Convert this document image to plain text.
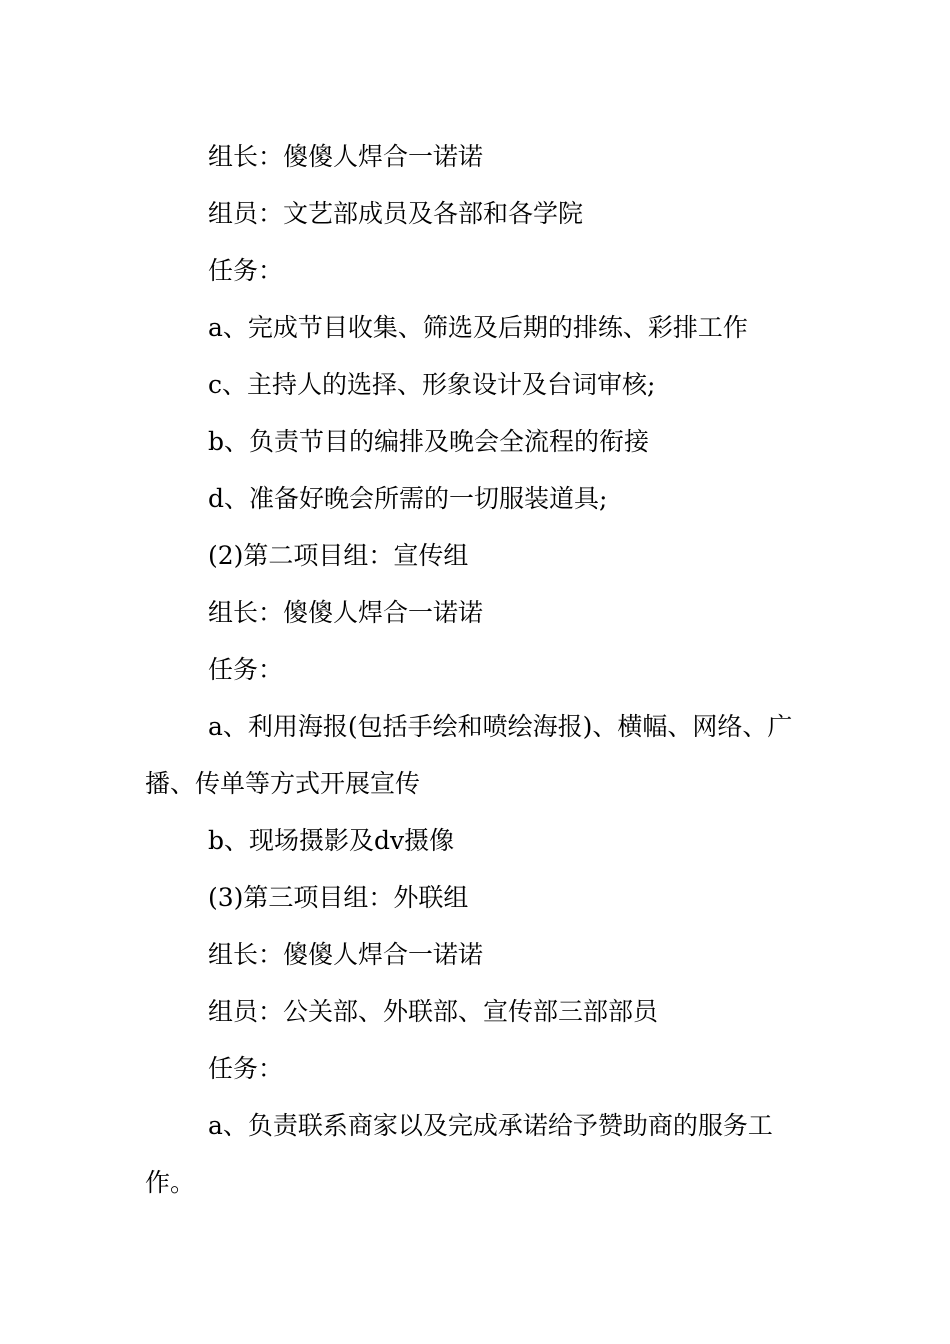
组长：傻傻人焊合一诺诺

组员：文艺部成员及各部和各学院

任务：

a、完成节目收集、筛选及后期的排练、彩排工作

c、主持人的选择、形象设计及台词审核;

b、负责节目的编排及晚会全流程的衔接

d、准备好晚会所需的一切服装道具;

(2)第二项目组：宣传组

组长：傻傻人焊合一诺诺

任务：

a、利用海报(包括手绘和喷绘海报)、横幅、网络、广播、传单等方式开展宣传

b、现场摄影及dv摄像

(3)第三项目组：外联组

组长：傻傻人焊合一诺诺

组员：公关部、外联部、宣传部三部部员

任务：

a、负责联系商家以及完成承诺给予赞助商的服务工作。
